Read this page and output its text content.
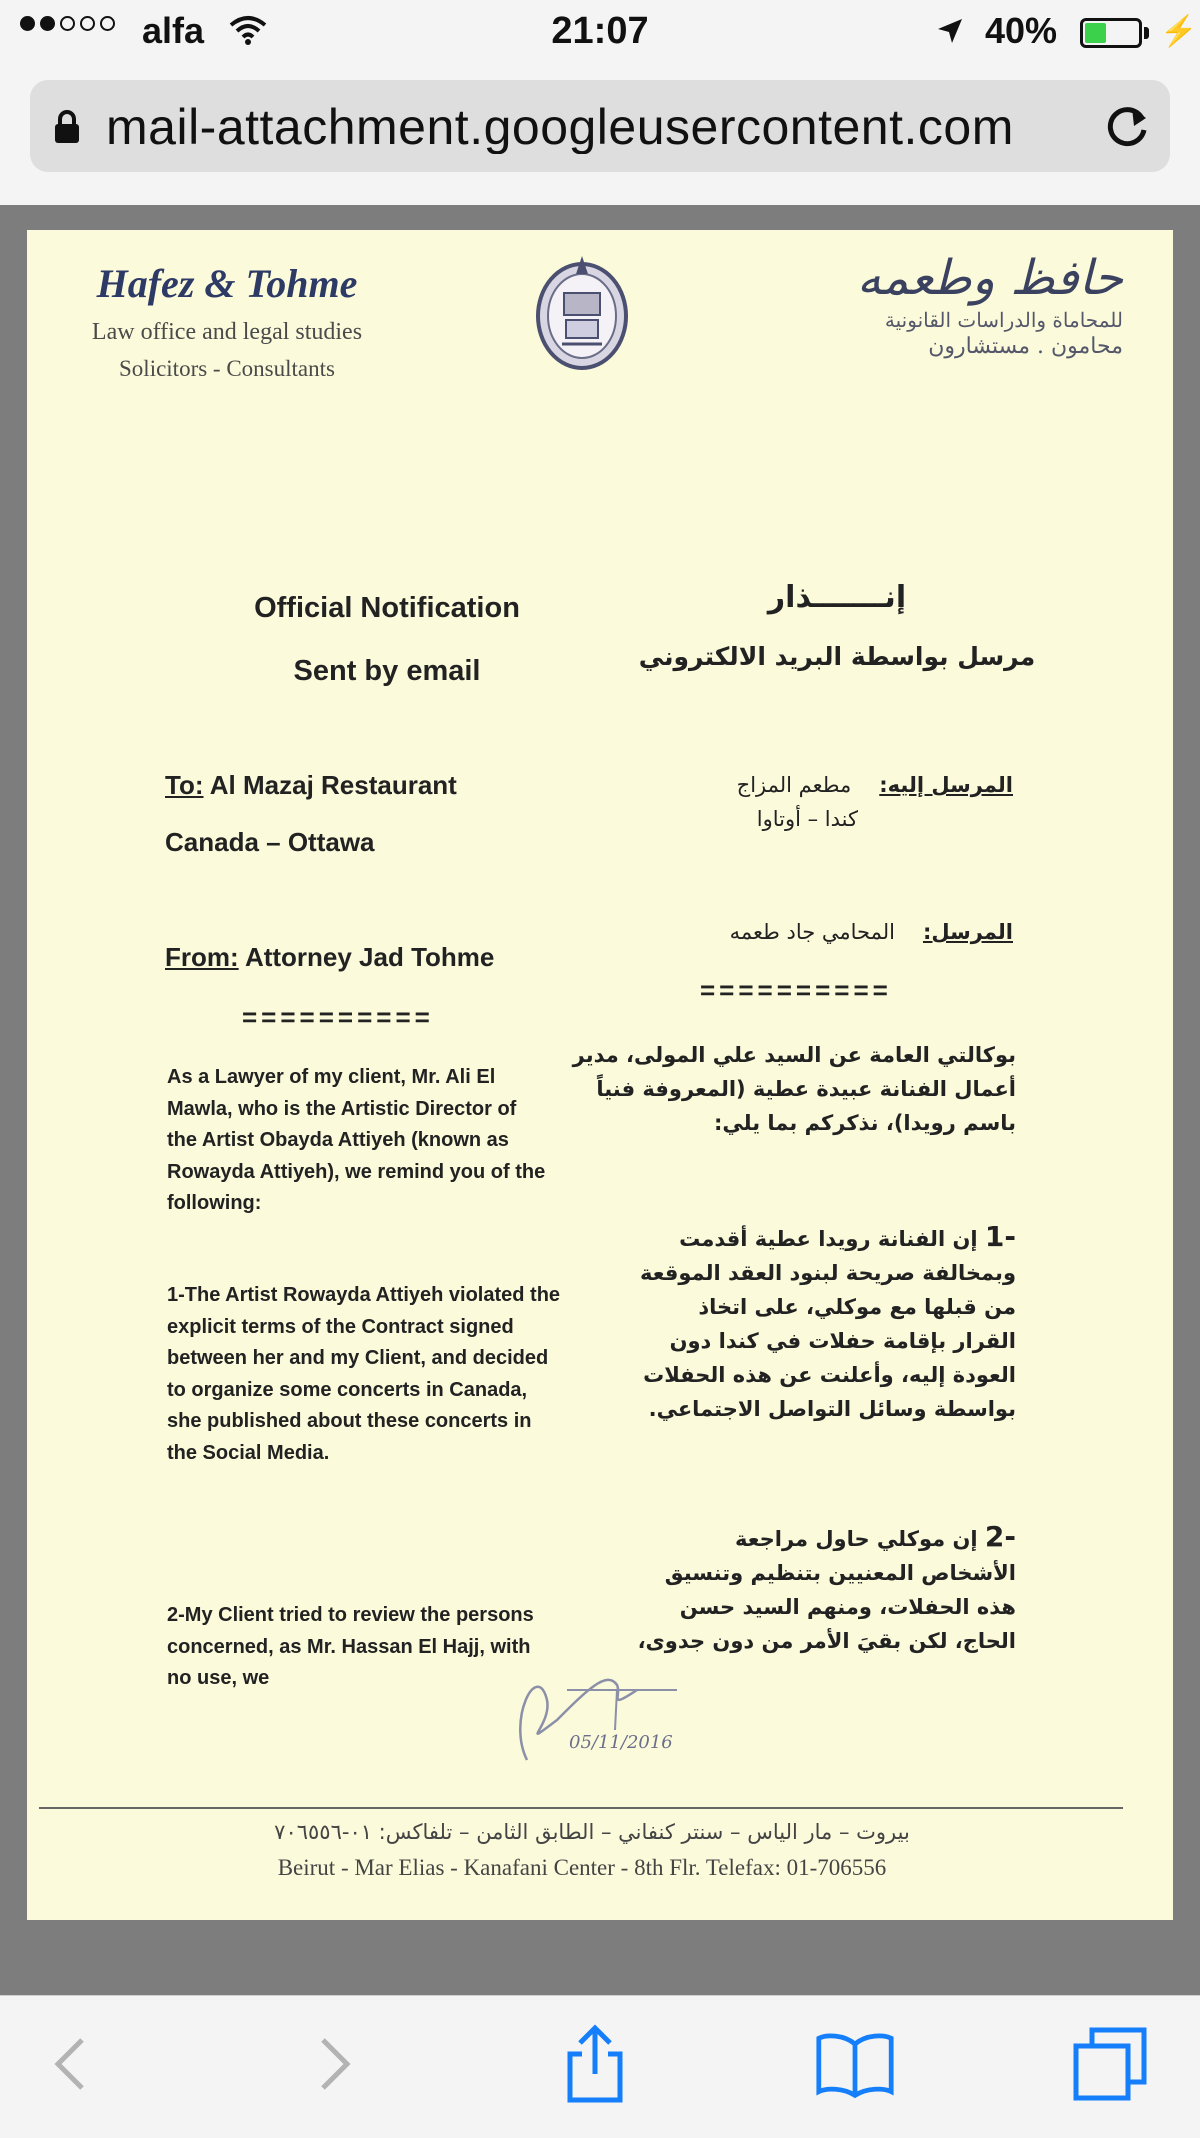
alfa	21:07	40%	⚡
mail-attachment.googleusercontent.com
Hafez & Tohme
Law office and legal studies
Solicitors - Consultants
حافظ وطعمه
للمحاماة والدراسات القانونية
محامون . مستشارون
Official Notification
Sent by email
إنـــــــذار
مرسل بواسطة البريد الالكتروني
To: Al Mazaj Restaurant
Canada – Ottawa
From: Attorney Jad Tohme
==========
==========
المرسل إليه:مطعم المزاج
كندا – أوتاوا
المرسل:المحامي جاد طعمه
بوكالتي العامة عن السيد علي المولى، مدير أعمال الفنانة عبيدة عطية (المعروفة فنياً باسم رويدا)، نذكركم بما يلي:
-1 إن الفنانة رويدا عطية أقدمت وبمخالفة صريحة لبنود العقد الموقعة من قبلها مع موكلي، على اتخاذ القرار بإقامة حفلات في كندا دون العودة إليه، وأعلنت عن هذه الحفلات بواسطة وسائل التواصل الاجتماعي.
-2 إن موكلي حاول مراجعة الأشخاص المعنيين بتنظيم وتنسيق هذه الحفلات، ومنهم السيد حسن الحاج، لكن بقيَ الأمر من دون جدوى،
As a Lawyer of my client, Mr. Ali El Mawla, who is the Artistic Director of the Artist Obayda Attiyeh (known as Rowayda Attiyeh), we remind you of the following:
1-The Artist Rowayda Attiyeh violated the explicit terms of the Contract signed between her and my Client, and decided to organize some concerts in Canada, she published about these concerts in the Social Media.
2-My Client tried to review the persons concerned, as Mr. Hassan El Hajj, with no use, we
05/11/2016
بيروت – مار الياس – سنتر كنفاني – الطابق الثامن – تلفاكس: ٠١-٧٠٦٥٥٦
Beirut - Mar Elias - Kanafani Center - 8th Flr. Telefax: 01-706556
